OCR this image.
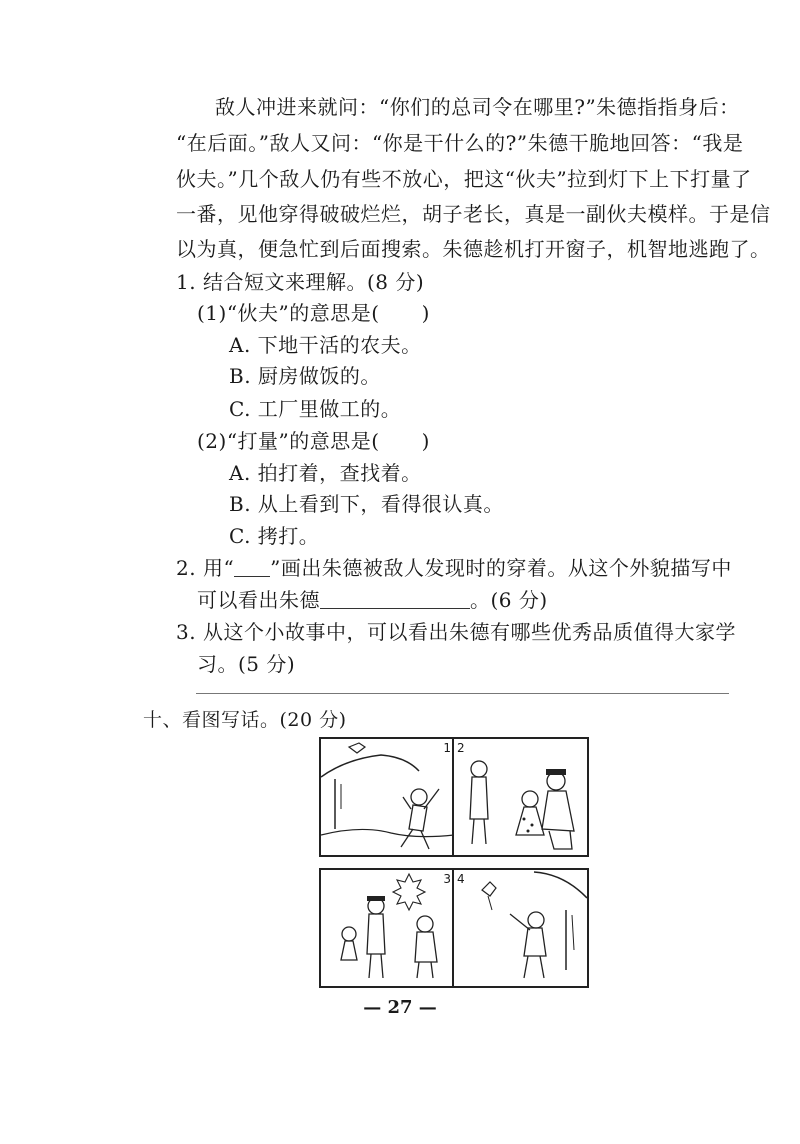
敌人冲进来就问：“你们的总司令在哪里?”朱德指指身后：
“在后面。”敌人又问：“你是干什么的?”朱德干脆地回答：“我是
伙夫。”几个敌人仍有些不放心，把这“伙夫”拉到灯下上下打量了
一番，见他穿得破破烂烂，胡子老长，真是一副伙夫模样。于是信
以为真，便急忙到后面搜索。朱德趁机打开窗子，机智地逃跑了。
1. 结合短文来理解。(8 分)
(1)“伙夫”的意思是( )
A. 下地干活的农夫。
B. 厨房做饭的。
C. 工厂里做工的。
(2)“打量”的意思是( )
A. 拍打着，查找着。
B. 从上看到下，看得很认真。
C. 拷打。
2. 用“ ”画出朱德被敌人发现时的穿着。从这个外貌描写中
可以看出朱德	。(6 分)
3. 从这个小故事中，可以看出朱德有哪些优秀品质值得大家学
习。(5 分)
十、看图写话。(20 分)
1 2
3 4
— 27 —
